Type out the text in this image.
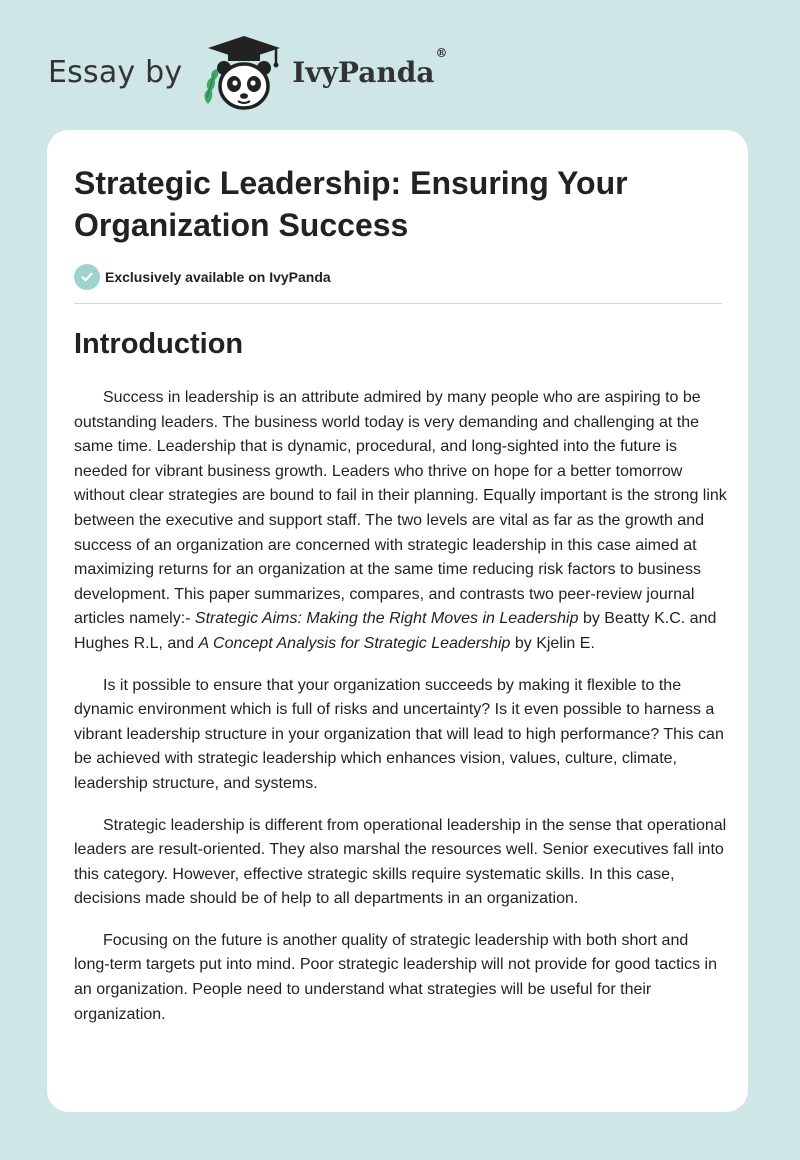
Essay by	IvyPanda®
Strategic Leadership: Ensuring Your Organization Success
Exclusively available on IvyPanda
Introduction

Success in leadership is an attribute admired by many people who are aspiring to be outstanding leaders. The business world today is very demanding and challenging at the same time. Leadership that is dynamic, procedural, and long-sighted into the future is needed for vibrant business growth. Leaders who thrive on hope for a better tomorrow without clear strategies are bound to fail in their planning. Equally important is the strong link between the executive and support staff. The two levels are vital as far as the growth and success of an organization are concerned with strategic leadership in this case aimed at maximizing returns for an organization at the same time reducing risk factors to business development. This paper summarizes, compares, and contrasts two peer-review journal articles namely:- Strategic Aims: Making the Right Moves in Leadership by Beatty K.C. and Hughes R.L, and A Concept Analysis for Strategic Leadership by Kjelin E.

Is it possible to ensure that your organization succeeds by making it flexible to the dynamic environment which is full of risks and uncertainty? Is it even possible to harness a vibrant leadership structure in your organization that will lead to high performance? This can be achieved with strategic leadership which enhances vision, values, culture, climate, leadership structure, and systems.

Strategic leadership is different from operational leadership in the sense that operational leaders are result-oriented. They also marshal the resources well. Senior executives fall into this category. However, effective strategic skills require systematic skills. In this case, decisions made should be of help to all departments in an organization.

Focusing on the future is another quality of strategic leadership with both short and long-term targets put into mind. Poor strategic leadership will not provide for good tactics in an organization. People need to understand what strategies will be useful for their organization.
